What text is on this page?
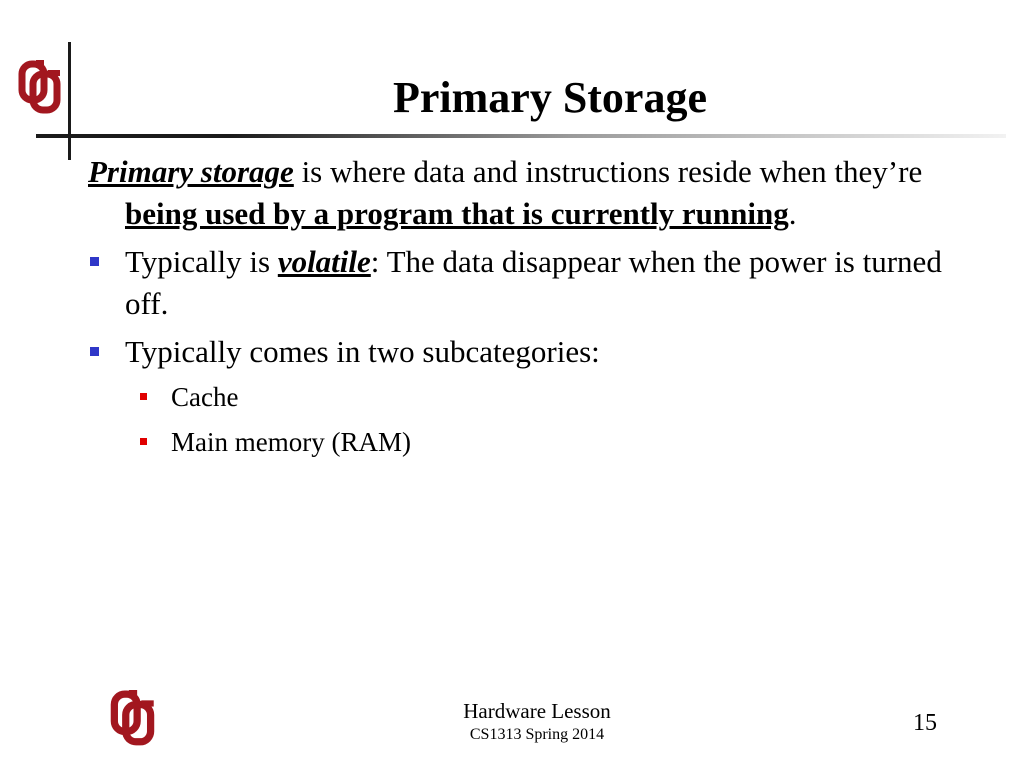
Primary Storage

Primary storage is where data and instructions reside when they’re being used by a program that is currently running.

Typically is volatile: The data disappear when the power is turned off.
Typically comes in two subcategories:
Cache
Main memory (RAM)
Hardware Lesson
CS1313 Spring 2014	15
